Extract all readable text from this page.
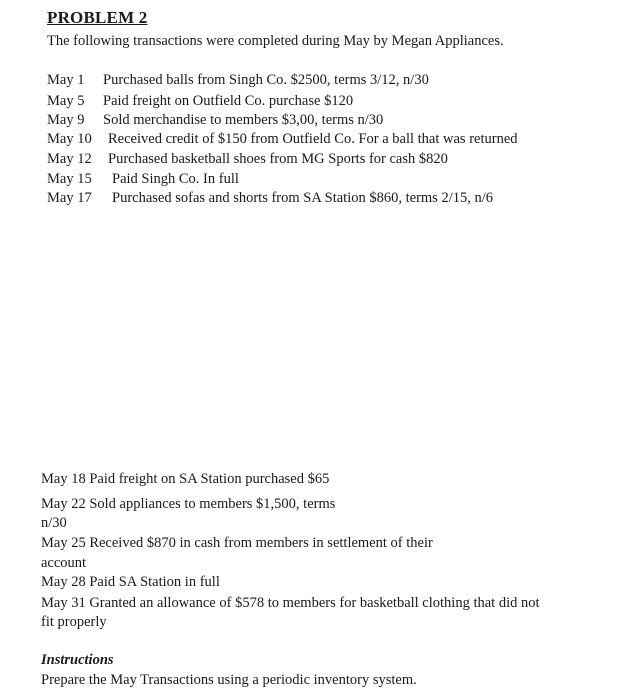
PROBLEM 2
The following transactions were completed during May by Megan Appliances.
May 1 Purchased balls from Singh Co. $2500, terms 3/12, n/30
May 5 Paid freight on Outfield Co. purchase $120
May 9 Sold merchandise to members $3,00, terms n/30
May 10 Received credit of $150 from Outfield Co. For a ball that was returned
May 12 Purchased basketball shoes from MG Sports for cash $820
May 15 Paid Singh Co. In full
May 17 Purchased sofas and shorts from SA Station $860, terms 2/15, n/6
May 18 Paid freight on SA Station purchased $65
May 22 Sold appliances to members $1,500, terms
n/30
May 25 Received $870 in cash from members in settlement of their
account
May 28 Paid SA Station in full
May 31 Granted an allowance of $578 to members for basketball clothing that did not
fit properly
Instructions
Prepare the May Transactions using a periodic inventory system.
